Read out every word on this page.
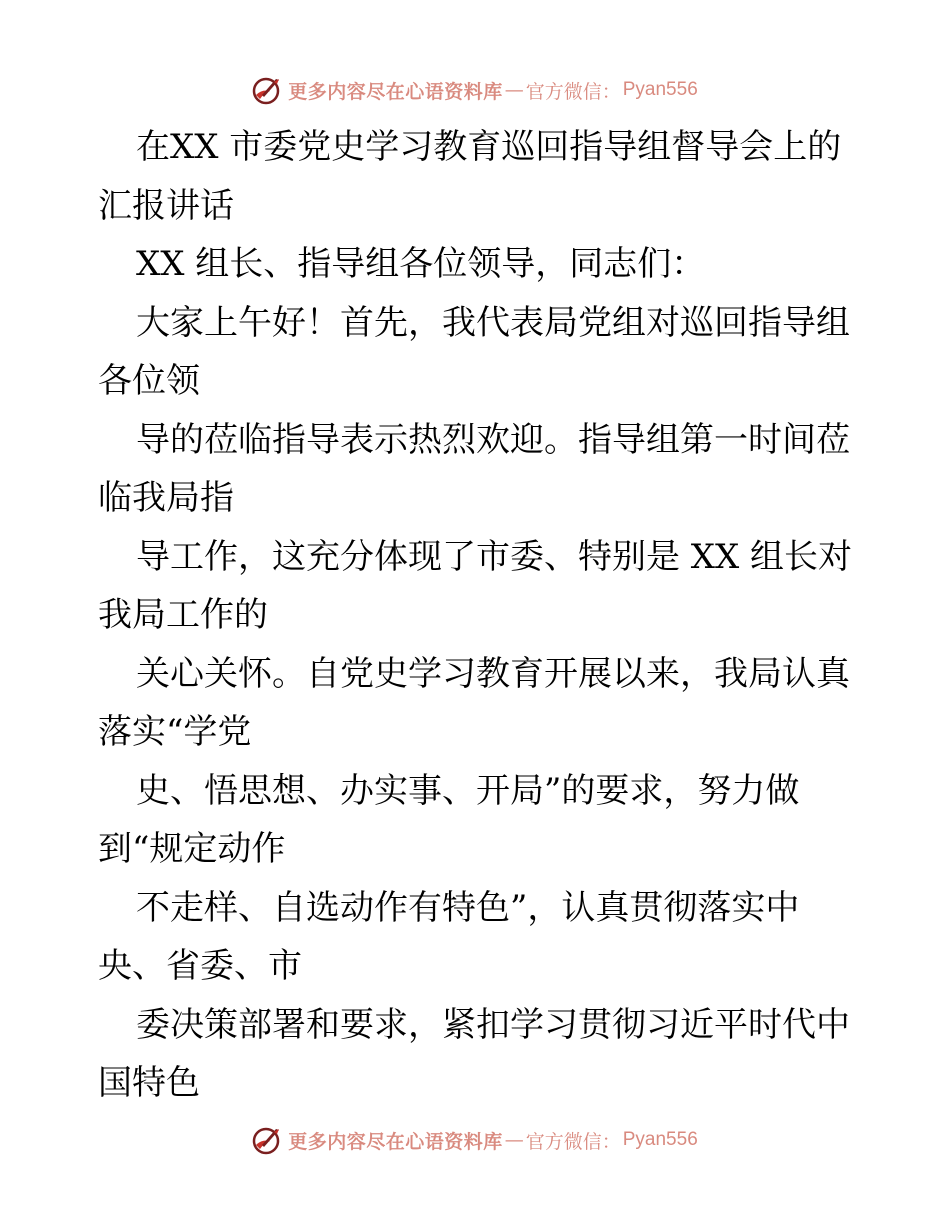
更多内容尽在心语资料库 — 官方微信： Pyan556
在XX 市委党史学习教育巡回指导组督导会上的
汇报讲话
XX 组长、指导组各位领导，同志们：
大家上午好！首先，我代表局党组对巡回指导组
各位领
导的莅临指导表示热烈欢迎。指导组第一时间莅
临我局指
导工作，这充分体现了市委、特别是 XX 组长对
我局工作的
关心关怀。自党史学习教育开展以来，我局认真
落实“学党
史、悟思想、办实事、开局”的要求，努力做
到“规定动作
不走样、自选动作有特色”，认真贯彻落实中
央、省委、市
委决策部署和要求，紧扣学习贯彻习近平时代中
国特色
更多内容尽在心语资料库 — 官方微信： Pyan556
